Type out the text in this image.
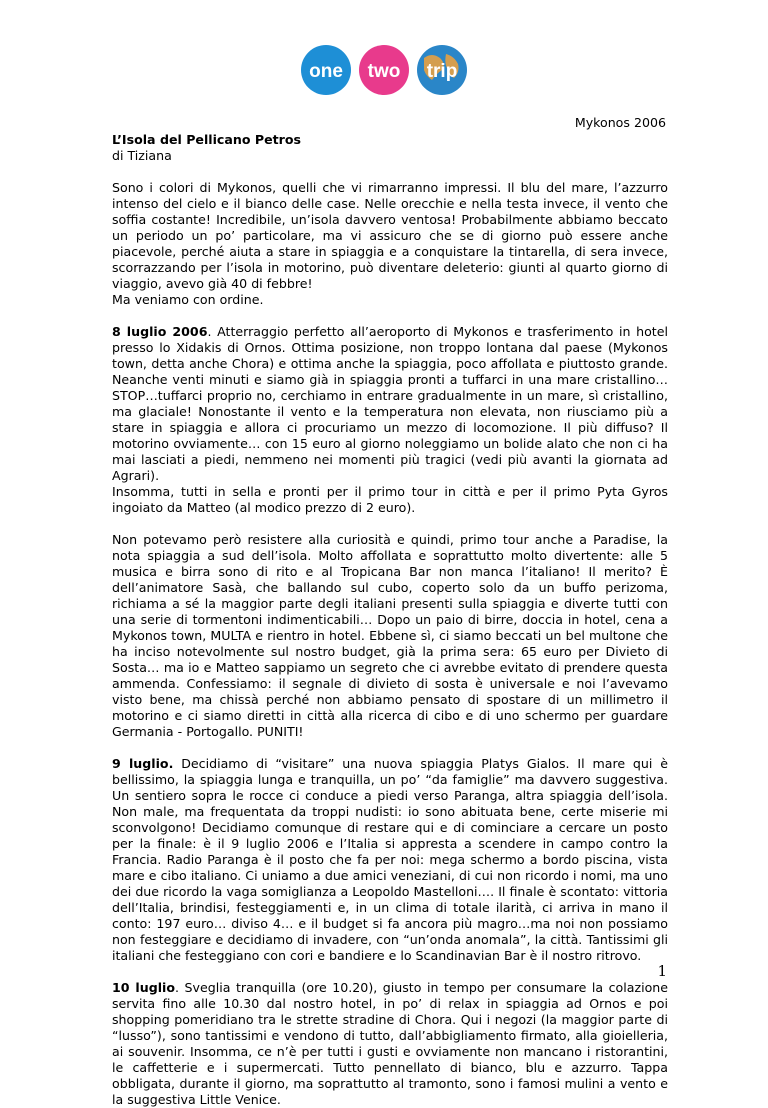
one two trip
Mykonos 2006

L’Isola del Pellicano Petros

di Tiziana

Sono i colori di Mykonos, quelli che vi rimarranno impressi. Il blu del mare, l’azzurro intenso del cielo e il bianco delle case. Nelle orecchie e nella testa invece, il vento che soffia costante! Incredibile, un’isola davvero ventosa! Probabilmente abbiamo beccato un periodo un po’ particolare, ma vi assicuro che se di giorno può essere anche piacevole, perché aiuta a stare in spiaggia e a conquistare la tintarella, di sera invece, scorrazzando per l’isola in motorino, può diventare deleterio: giunti al quarto giorno di viaggio, avevo già 40 di febbre!
Ma veniamo con ordine.

8 luglio 2006. Atterraggio perfetto all’aeroporto di Mykonos e trasferimento in hotel presso lo Xidakis di Ornos. Ottima posizione, non troppo lontana dal paese (Mykonos town, detta anche Chora) e ottima anche la spiaggia, poco affollata e piuttosto grande. Neanche venti minuti e siamo già in spiaggia pronti a tuffarci in una mare cristallino… STOP…tuffarci proprio no, cerchiamo in entrare gradualmente in un mare, sì cristallino, ma glaciale! Nonostante il vento e la temperatura non elevata, non riusciamo più a stare in spiaggia e allora ci procuriamo un mezzo di locomozione. Il più diffuso? Il motorino ovviamente… con 15 euro al giorno noleggiamo un bolide alato che non ci ha mai lasciati a piedi, nemmeno nei momenti più tragici (vedi più avanti la giornata ad Agrari).
Insomma, tutti in sella e pronti per il primo tour in città e per il primo Pyta Gyros ingoiato da Matteo (al modico prezzo di 2 euro).

Non potevamo però resistere alla curiosità e quindi, primo tour anche a Paradise, la nota spiaggia a sud dell’isola. Molto affollata e soprattutto molto divertente: alle 5 musica e birra sono di rito e al Tropicana Bar non manca l’italiano! Il merito? È dell’animatore Sasà, che ballando sul cubo, coperto solo da un buffo perizoma, richiama a sé la maggior parte degli italiani presenti sulla spiaggia e diverte tutti con una serie di tormentoni indimenticabili… Dopo un paio di birre, doccia in hotel, cena a Mykonos town, MULTA e rientro in hotel. Ebbene sì, ci siamo beccati un bel multone che ha inciso notevolmente sul nostro budget, già la prima sera: 65 euro per Divieto di Sosta… ma io e Matteo sappiamo un segreto che ci avrebbe evitato di prendere questa ammenda. Confessiamo: il segnale di divieto di sosta è universale e noi l’avevamo visto bene, ma chissà perché non abbiamo pensato di spostare di un millimetro il motorino e ci siamo diretti in città alla ricerca di cibo e di uno schermo per guardare Germania - Portogallo. PUNITI!

9 luglio. Decidiamo di “visitare” una nuova spiaggia Platys Gialos. Il mare qui è bellissimo, la spiaggia lunga e tranquilla, un po’ “da famiglie” ma davvero suggestiva. Un sentiero sopra le rocce ci conduce a piedi verso Paranga, altra spiaggia dell’isola. Non male, ma frequentata da troppi nudisti: io sono abituata bene, certe miserie mi sconvolgono! Decidiamo comunque di restare qui e di cominciare a cercare un posto per la finale: è il 9 luglio 2006 e l’Italia si appresta a scendere in campo contro la Francia. Radio Paranga è il posto che fa per noi: mega schermo a bordo piscina, vista mare e cibo italiano. Ci uniamo a due amici veneziani, di cui non ricordo i nomi, ma uno dei due ricordo la vaga somiglianza a Leopoldo Mastelloni…. Il finale è scontato: vittoria dell’Italia, brindisi, festeggiamenti e, in un clima di totale ilarità, ci arriva in mano il conto: 197 euro… diviso 4… e il budget si fa ancora più magro…ma noi non possiamo non festeggiare e decidiamo di invadere, con “un’onda anomala”, la città. Tantissimi gli italiani che festeggiano con cori e bandiere e lo Scandinavian Bar è il nostro ritrovo.

10 luglio. Sveglia tranquilla (ore 10.20), giusto in tempo per consumare la colazione servita fino alle 10.30 dal nostro hotel, in po’ di relax in spiaggia ad Ornos e poi shopping pomeridiano tra le strette stradine di Chora. Qui i negozi (la maggior parte di “lusso”), sono tantissimi e vendono di tutto, dall’abbigliamento firmato, alla gioielleria, ai souvenir. Insomma, ce n’è per tutti i gusti e ovviamente non mancano i ristorantini, le caffetterie e i supermercati. Tutto pennellato di bianco, blu e azzurro. Tappa obbligata, durante il giorno, ma soprattutto al tramonto, sono i famosi mulini a vento e la suggestiva Little Venice.

1
